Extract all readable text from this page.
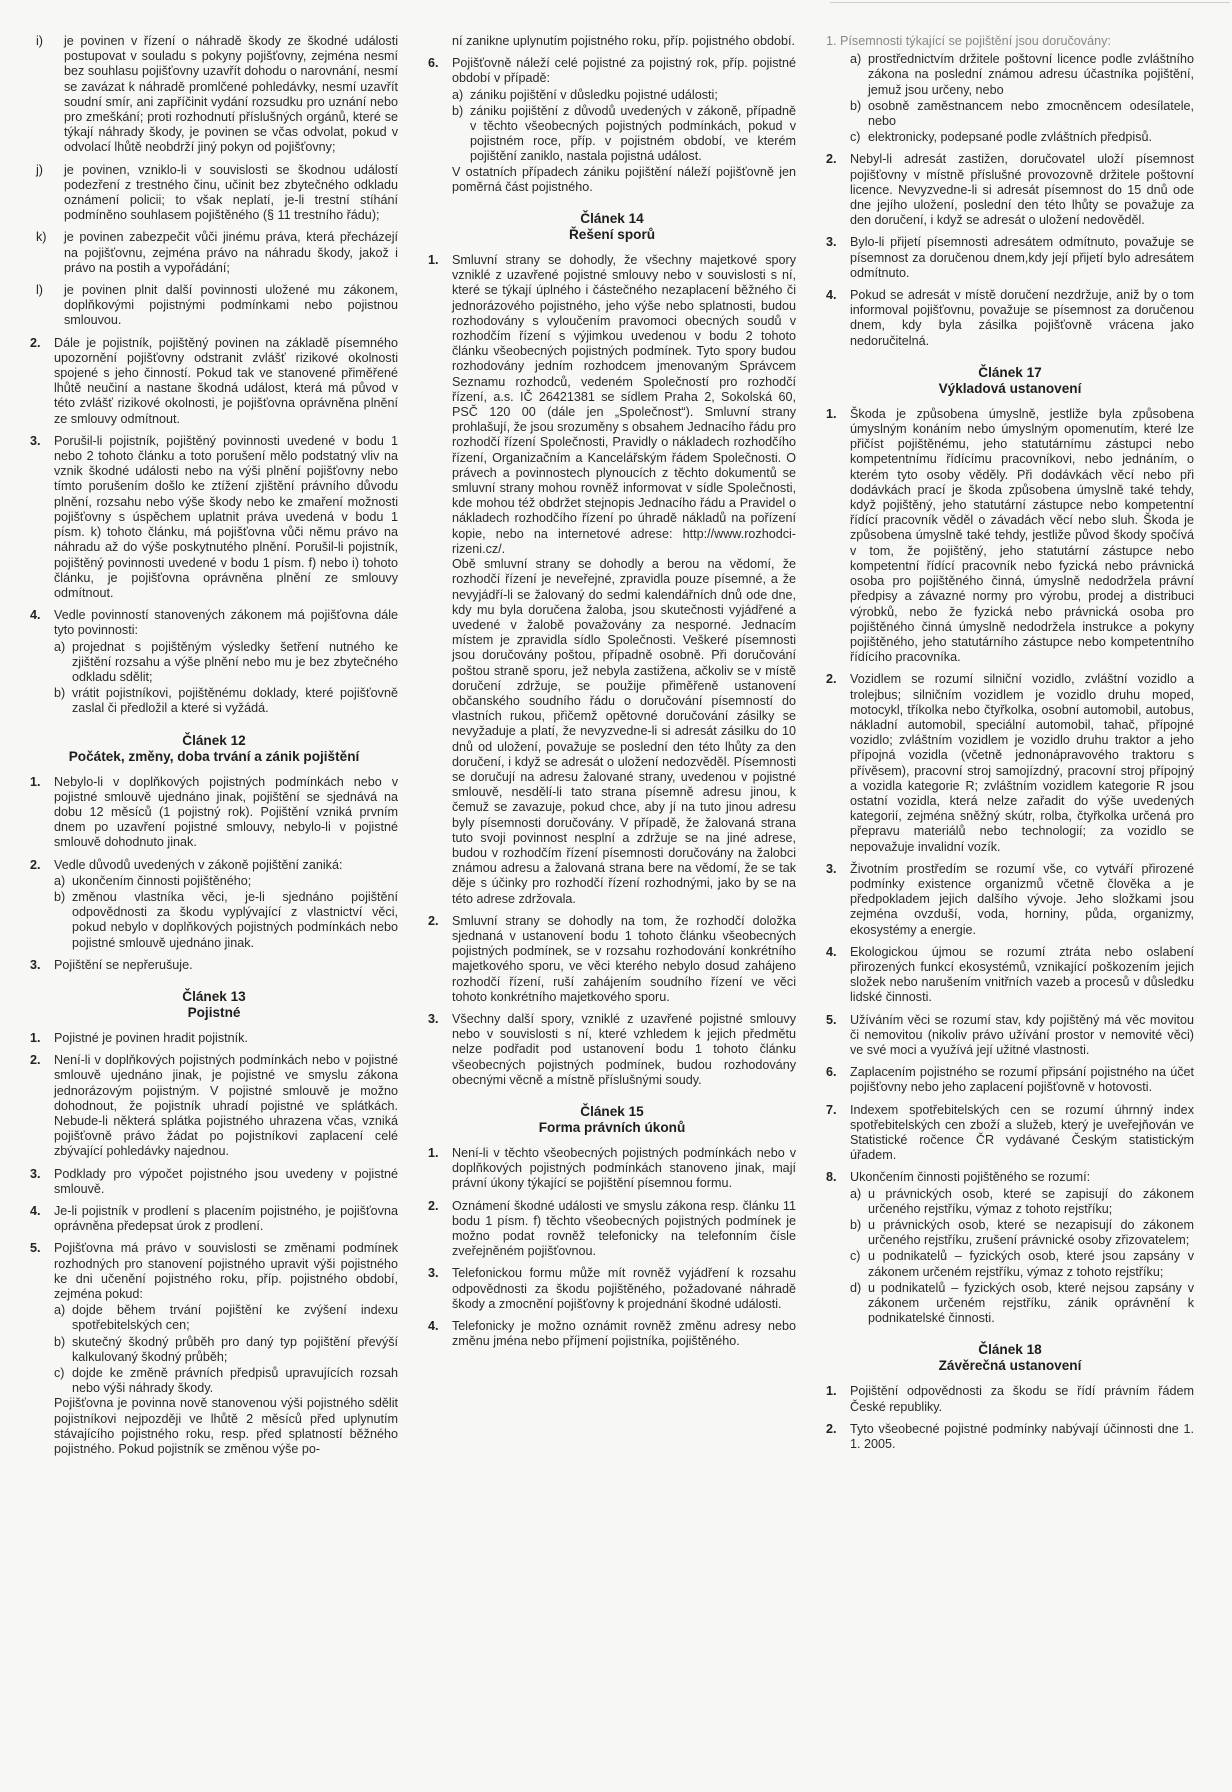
i)	je povinen v řízení o náhradě škody ze škodné události postupovat v souladu s pokyny pojišťovny, zejména nesmí bez souhlasu pojišťovny uzavřít dohodu o narovnání, nesmí se zavázat k náhradě promlčené pohledávky, nesmí uzavřít soudní smír, ani zapříčinit vydání rozsudku pro uznání nebo pro zmeškání; proti rozhodnutí příslušných orgánů, které se týkají náhrady škody, je povinen se včas odvolat, pokud v odvolací lhůtě neobdrží jiný pokyn od pojišťovny;
j)	je povinen, vzniklo-li v souvislosti se škodnou událostí podezření z trestného činu, učinit bez zbytečného odkladu oznámení policii; to však neplatí, je-li trestní stíhání podmíněno souhlasem pojištěného (§ 11 trestního řádu);
k)	je povinen zabezpečit vůči jinému práva, která přecházejí na pojišťovnu, zejména právo na náhradu škody, jakož i právo na postih a vypořádání;
l)	je povinen plnit další povinnosti uložené mu zákonem, doplňkovými pojistnými podmínkami nebo pojistnou smlouvou.
2.	Dále je pojistník, pojištěný povinen na základě písemného upozornění pojišťovny odstranit zvlášť rizikové okolnosti spojené s jeho činností. Pokud tak ve stanovené přiměřené lhůtě neučiní a nastane škodná událost, která má původ v této zvlášť rizikové okolnosti, je pojišťovna oprávněna plnění ze smlouvy odmítnout.
3.	Porušil-li pojistník, pojištěný povinnosti uvedené v bodu 1 nebo 2 tohoto článku a toto porušení mělo podstatný vliv na vznik škodné události nebo na výši plnění pojišťovny nebo tímto porušením došlo ke ztížení zjištění právního důvodu plnění, rozsahu nebo výše škody nebo ke zmaření možnosti pojišťovny s úspěchem uplatnit práva uvedená v bodu 1 písm. k) tohoto článku, má pojišťovna vůči němu právo na náhradu až do výše poskytnutého plnění. Porušil-li pojistník, pojištěný povinnosti uvedené v bodu 1 písm. f) nebo i) tohoto článku, je pojišťovna oprávněna plnění ze smlouvy odmítnout.
4.	Vedle povinností stanovených zákonem má pojišťovna dále tyto povinnosti:
a) projednat s pojištěným výsledky šetření nutného ke zjištění rozsahu a výše plnění nebo mu je bez zbytečného odkladu sdělit;
b) vrátit pojistníkovi, pojištěnému doklady, které pojišťovně zaslal či předložil a které si vyžádá.
Článek 12
Počátek, změny, doba trvání a zánik pojištění
1.	Nebylo-li v doplňkových pojistných podmínkách nebo v pojistné smlouvě ujednáno jinak, pojištění se sjednává na dobu 12 měsíců (1 pojistný rok). Pojištění vzniká prvním dnem po uzavření pojistné smlouvy, nebylo-li v pojistné smlouvě dohodnuto jinak.
2.	Vedle důvodů uvedených v zákoně pojištění zaniká:
a) ukončením činnosti pojištěného;
b) změnou vlastníka věci, je-li sjednáno pojištění odpovědnosti za škodu vyplývající z vlastnictví věci, pokud nebylo v doplňkových pojistných podmínkách nebo pojistné smlouvě ujednáno jinak.
3.	Pojištění se nepřerušuje.
Článek 13
Pojistné
1.	Pojistné je povinen hradit pojistník.
2.	Není-li v doplňkových pojistných podmínkách nebo v pojistné smlouvě ujednáno jinak, je pojistné ve smyslu zákona jednorázovým pojistným. V pojistné smlouvě je možno dohodnout, že pojistník uhradí pojistné ve splátkách. Nebude-li některá splátka pojistného uhrazena včas, vzniká pojišťovně právo žádat po pojistníkovi zaplacení celé zbývající pohledávky najednou.
3.	Podklady pro výpočet pojistného jsou uvedeny v pojistné smlouvě.
4.	Je-li pojistník v prodlení s placením pojistného, je pojišťovna oprávněna předepsat úrok z prodlení.
5.	Pojišťovna má právo v souvislosti se změnami podmínek rozhodných pro stanovení pojistného upravit výši pojistného ke dni učenění pojistného roku, příp. pojistného období, zejména pokud:
a) dojde během trvání pojištění ke zvýšení indexu spotřebitelských cen;
b) skutečný škodný průběh pro daný typ pojištění převýší kalkulovaný škodný průběh;
c) dojde ke změně právních předpisů upravujících rozsah nebo výši náhrady škody.
Pojišťovna je povinna nově stanovenou výši pojistného sdělit pojistníkovi nejpozději ve lhůtě 2 měsíců před uplynutím stávajícího pojistného roku, resp. před splatností běžného pojistného. Pokud pojistník se změnou výše po-
ní zanikne uplynutím pojistného roku, příp. pojistného období.
6.	Pojišťovně náleží celé pojistné za pojistný rok, příp. pojistné období v případě:
a) zániku pojištění v důsledku pojistné události;
b) zániku pojištění z důvodů uvedených v zákoně, případně v těchto všeobecných pojistných podmínkách, pokud v pojistném roce, příp. v pojistném období, ve kterém pojištění zaniklo, nastala pojistná událost.
V ostatních případech zániku pojištění náleží pojišťovně jen poměrná část pojistného.
Článek 14
Řešení sporů
1.	Smluvní strany se dohodly, že všechny majetkové spory vzniklé z uzavřené pojistné smlouvy nebo v souvislosti s ní, které se týkají úplného i částečného nezaplacení běžného či jednorázového pojistného, jeho výše nebo splatnosti, budou rozhodovány s vyloučením pravomoci obecných soudů v rozhodčím řízení s výjimkou uvedenou v bodu 2 tohoto článku všeobecných pojistných podmínek. Tyto spory budou rozhodovány jedním rozhodcem jmenovaným Správcem Seznamu rozhodců, vedeném Společností pro rozhodčí řízení, a.s. IČ 26421381 se sídlem Praha 2, Sokolská 60, PSČ 120 00 (dále jen „Společnost“). Smluvní strany prohlašují, že jsou srozuměny s obsahem Jednacího řádu pro rozhodčí řízení Společnosti, Pravidly o nákladech rozhodčího řízení, Organizačním a Kancelářským řádem Společnosti. O právech a povinnostech plynoucích z těchto dokumentů se smluvní strany mohou rovněž informovat v sídle Společnosti, kde mohou též obdržet stejnopis Jednacího řádu a Pravidel o nákladech rozhodčího řízení po úhradě nákladů na pořízení kopie, nebo na internetové adrese: http://www.rozhodci-rizeni.cz/.
Obě smluvní strany se dohodly a berou na vědomí, že rozhodčí řízení je neveřejné, zpravidla pouze písemné, a že nevyjádří-li se žalovaný do sedmi kalendářních dnů ode dne, kdy mu byla doručena žaloba, jsou skutečnosti vyjádřené a uvedené v žalobě považovány za nesporné. Jednacím místem je zpravidla sídlo Společnosti. Veškeré písemnosti jsou doručovány poštou, případně osobně. Při doručování poštou straně sporu, jež nebyla zastižena, ačkoliv se v místě doručení zdržuje, se použije přiměřeně ustanovení občanského soudního řádu o doručování písemností do vlastních rukou, přičemž opětovné doručování zásilky se nevyžaduje a platí, že nevyzvedne-li si adresát zásilku do 10 dnů od uložení, považuje se poslední den této lhůty za den doručení, i když se adresát o uložení nedozvěděl. Písemnosti se doručují na adresu žalované strany, uvedenou v pojistné smlouvě, nesdělí-li tato strana písemně adresu jinou, k čemuž se zavazuje, pokud chce, aby jí na tuto jinou adresu byly písemnosti doručovány. V případě, že žalovaná strana tuto svoji povinnost nesplní a zdržuje se na jiné adrese, budou v rozhodčím řízení písemnosti doručovány na žalobci známou adresu a žalovaná strana bere na vědomí, že se tak děje s účinky pro rozhodčí řízení rozhodnými, jako by se na této adrese zdržovala.
2.	Smluvní strany se dohodly na tom, že rozhodčí doložka sjednaná v ustanovení bodu 1 tohoto článku všeobecných pojistných podmínek, se v rozsahu rozhodování konkrétního majetkového sporu, ve věci kterého nebylo dosud zahájeno rozhodčí řízení, ruší zahájením soudního řízení ve věci tohoto konkrétního majetkového sporu.
3.	Všechny další spory, vzniklé z uzavřené pojistné smlouvy nebo v souvislosti s ní, které vzhledem k jejich předmětu nelze podřadit pod ustanovení bodu 1 tohoto článku všeobecných pojistných podmínek, budou rozhodovány obecnými věcně a místně příslušnými soudy.
Článek 15
Forma právních úkonů
1.	Není-li v těchto všeobecných pojistných podmínkách nebo v doplňkových pojistných podmínkách stanoveno jinak, mají právní úkony týkající se pojištění písemnou formu.
2.	Oznámení škodné události ve smyslu zákona resp. článku 11 bodu 1 písm. f) těchto všeobecných pojistných podmínek je možno podat rovněž telefonicky na telefonním čísle zveřejněném pojišťovnou.
3.	Telefonickou formu může mít rovněž vyjádření k rozsahu odpovědnosti za škodu pojištěného, požadované náhradě škody a zmocnění pojišťovny k projednání škodné události.
4.	Telefonicky je možno oznámit rovněž změnu adresy nebo změnu jména nebo příjmení pojistníka, pojištěného.
1. Písemnosti týkající se pojištění jsou doručovány:
a) prostřednictvím držitele poštovní licence podle zvláštního zákona na poslední známou adresu účastníka pojištění, jemuž jsou určeny, nebo
b) osobně zaměstnancem nebo zmocněncem odesílatele, nebo
c) elektronicky, podepsané podle zvláštních předpisů.
2.	Nebyl-li adresát zastižen, doručovatel uloží písemnost pojišťovny v místně příslušné provozovně držitele poštovní licence. Nevyzvedne-li si adresát písemnost do 15 dnů ode dne jejího uložení, poslední den této lhůty se považuje za den doručení, i když se adresát o uložení nedověděl.
3.	Bylo-li přijetí písemnosti adresátem odmítnuto, považuje se písemnost za doručenou dnem,kdy její přijetí bylo adresátem odmítnuto.
4.	Pokud se adresát v místě doručení nezdržuje, aniž by o tom informoval pojišťovnu, považuje se písemnost za doručenou dnem, kdy byla zásilka pojišťovně vrácena jako nedoručitelná.
Článek 17
Výkladová ustanovení
1.	Škoda je způsobena úmyslně, jestliže byla způsobena úmyslným konáním nebo úmyslným opomenutím, které lze přičíst pojištěnému, jeho statutárnímu zástupci nebo kompetentnímu řídícímu pracovníkovi, nebo jednáním, o kterém tyto osoby věděly. Při dodávkách věcí nebo při dodávkách prací je škoda způsobena úmyslně také tehdy, když pojištěný, jeho statutární zástupce nebo kompetentní řídící pracovník věděl o závadách věcí nebo sluh. Škoda je způsobena úmyslně také tehdy, jestliže původ škody spočívá v tom, že pojištěný, jeho statutární zástupce nebo kompetentní řídící pracovník nebo fyzická nebo právnická osoba pro pojištěného činná, úmyslně nedodržela právní předpisy a závazné normy pro výrobu, prodej a distribuci výrobků, nebo že fyzická nebo právnická osoba pro pojištěného činná úmyslně nedodržela instrukce a pokyny pojištěného, jeho statutárního zástupce nebo kompetentního řídícího pracovníka.
2.	Vozidlem se rozumí silniční vozidlo, zvláštní vozidlo a trolejbus; silničním vozidlem je vozidlo druhu moped, motocykl, tříkolka nebo čtyřkolka, osobní automobil, autobus, nákladní automobil, speciální automobil, tahač, přípojné vozidlo; zvláštním vozidlem je vozidlo druhu traktor a jeho přípojná vozidla (včetně jednonápravového traktoru s přívěsem), pracovní stroj samojízdný, pracovní stroj přípojný a vozidla kategorie R; zvláštním vozidlem kategorie R jsou ostatní vozidla, která nelze zařadit do výše uvedených kategorií, zejména sněžný skútr, rolba, čtyřkolka určená pro přepravu materiálů nebo technologií; za vozidlo se nepovažuje invalidní vozík.
3.	Životním prostředím se rozumí vše, co vytváří přirozené podmínky existence organizmů včetně člověka a je předpokladem jejich dalšího vývoje. Jeho složkami jsou zejména ovzduší, voda, horniny, půda, organizmy, ekosystémy a energie.
4.	Ekologickou újmou se rozumí ztráta nebo oslabení přirozených funkcí ekosystémů, vznikající poškozením jejich složek nebo narušením vnitřních vazeb a procesů v důsledku lidské činnosti.
5.	Užíváním věci se rozumí stav, kdy pojištěný má věc movitou či nemovitou (nikoliv právo užívání prostor v nemovité věci) ve své moci a využívá její užitné vlastnosti.
6.	Zaplacením pojistného se rozumí připsání pojistného na účet pojišťovny nebo jeho zaplacení pojišťovně v hotovosti.
7.	Indexem spotřebitelských cen se rozumí úhrnný index spotřebitelských cen zboží a služeb, který je uveřejňován ve Statistické ročence ČR vydávané Českým statistickým úřadem.
8.	Ukončením činnosti pojištěného se rozumí:
a) u právnických osob, které se zapisují do zákonem určeného rejstříku, výmaz z tohoto rejstříku;
b) u právnických osob, které se nezapisují do zákonem určeného rejstříku, zrušení právnické osoby zřizovatelem;
c) u podnikatelů – fyzických osob, které jsou zapsány v zákonem určeném rejstříku, výmaz z tohoto rejstříku;
d) u podnikatelů – fyzických osob, které nejsou zapsány v zákonem určeném rejstříku, zánik oprávnění k podnikatelské činnosti.
Článek 18
Závěrečná ustanovení
1.	Pojištění odpovědnosti za škodu se řídí právním řádem České republiky.
2.	Tyto všeobecné pojistné podmínky nabývají účinnosti dne 1. 1. 2005.
